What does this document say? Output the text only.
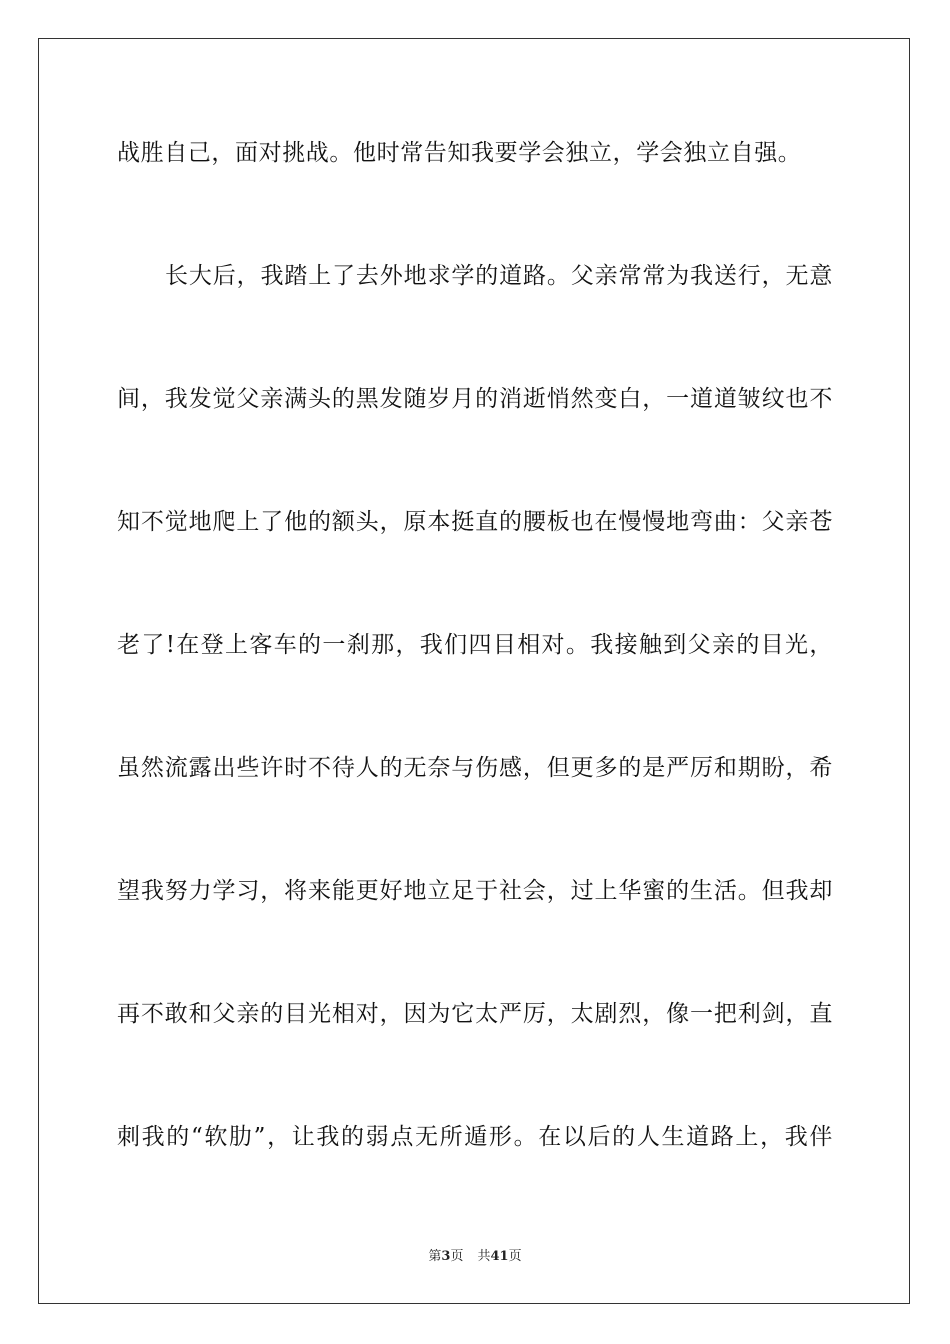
战胜自己，面对挑战。他时常告知我要学会独立，学会独立自强。
长大后，我踏上了去外地求学的道路。父亲常常为我送行，无意
间，我发觉父亲满头的黑发随岁月的消逝悄然变白，一道道皱纹也不
知不觉地爬上了他的额头，原本挺直的腰板也在慢慢地弯曲：父亲苍
老了!在登上客车的一刹那，我们四目相对。我接触到父亲的目光，
虽然流露出些许时不待人的无奈与伤感，但更多的是严厉和期盼，希
望我努力学习，将来能更好地立足于社会，过上华蜜的生活。但我却
再不敢和父亲的目光相对，因为它太严厉，太剧烈，像一把利剑，直
刺我的“软肋”，让我的弱点无所遁形。在以后的人生道路上，我伴
第3页 共41页
